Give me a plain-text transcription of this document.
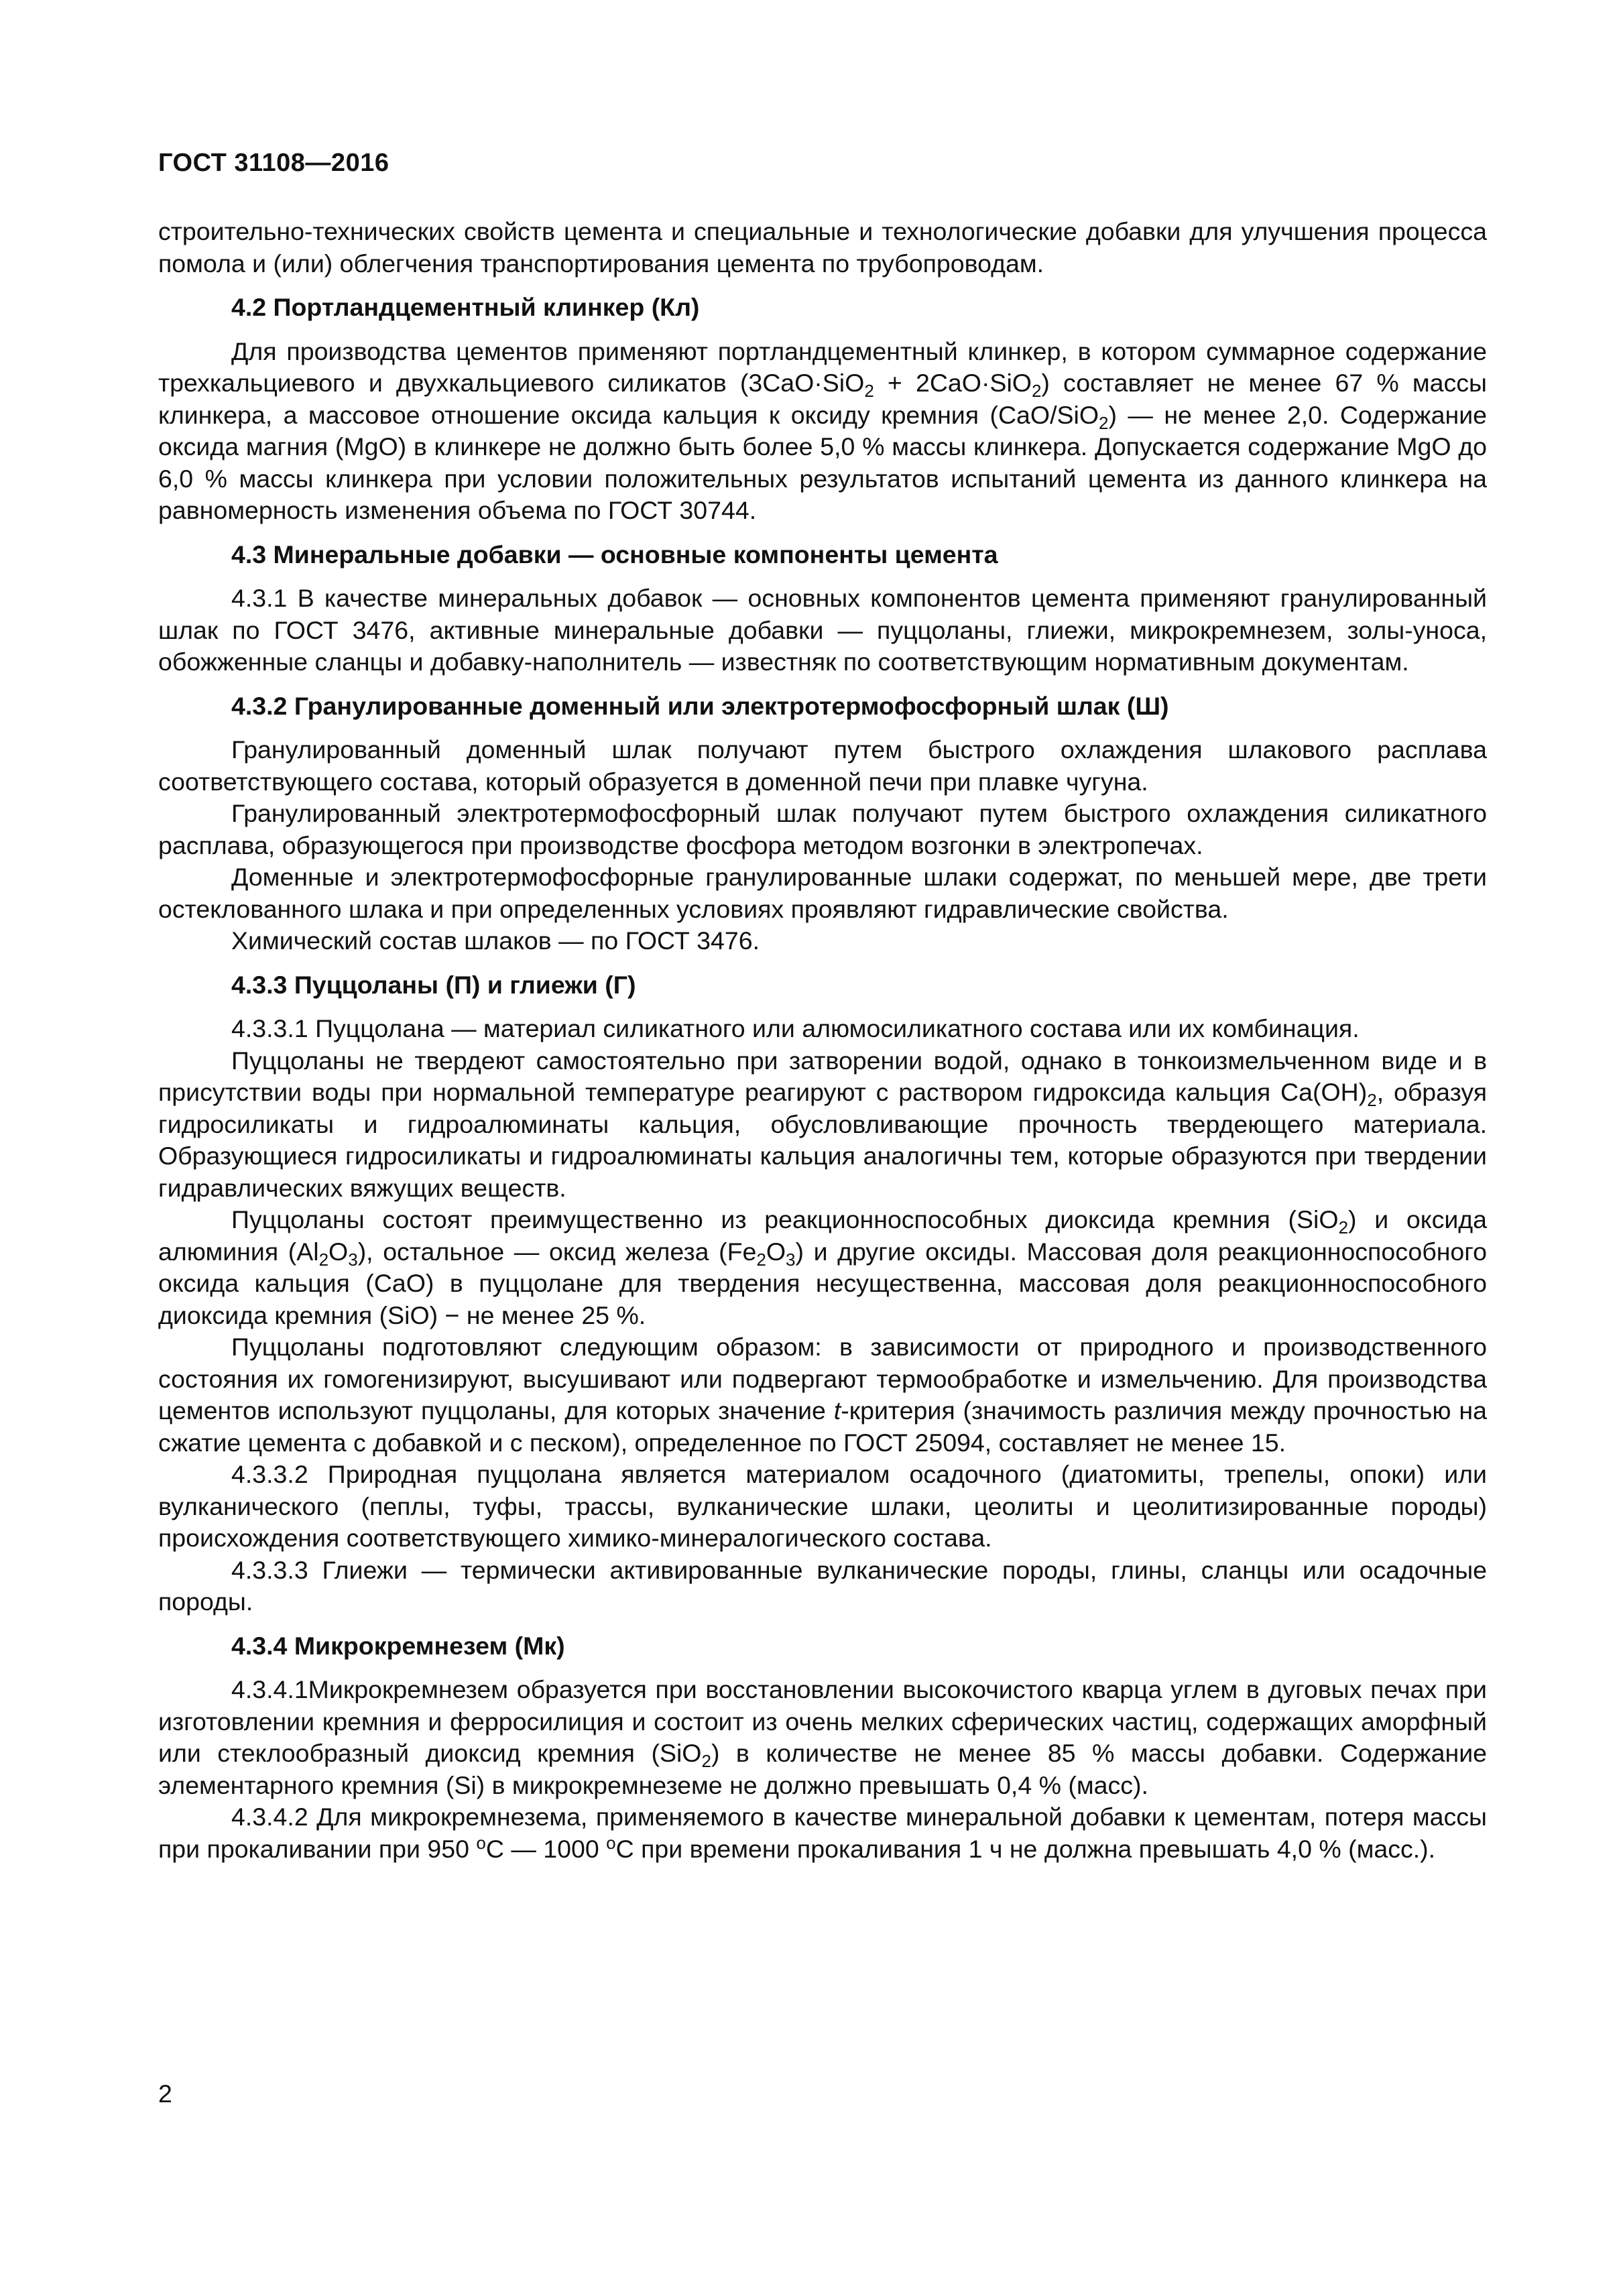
ГОСТ 31108—2016

строительно-технических свойств цемента и специальные и технологические добавки для улучшения процесса помола и (или) облегчения транспортирования цемента по трубопроводам.

4.2 Портландцементный клинкер (Кл)

Для производства цементов применяют портландцементный клинкер, в котором суммарное содержание трехкальциевого и двухкальциевого силикатов (3CaO·SiO$_2$ + 2CaO·SiO$_2$) составляет не менее 67 % массы клинкера, а массовое отношение оксида кальция к оксиду кремния (CaO/SiO$_2$) — не менее 2,0. Содержание оксида магния (MgO) в клинкере не должно быть более 5,0 % массы клинкера. Допускается содержание MgO до 6,0 % массы клинкера при условии положительных результатов испытаний цемента из данного клинкера на равномерность изменения объема по ГОСТ 30744.

4.3 Минеральные добавки — основные компоненты цемента

4.3.1 В качестве минеральных добавок — основных компонентов цемента применяют гранулированный шлак по ГОСТ 3476, активные минеральные добавки — пуццоланы, глиежи, микрокремнезем, золы-уноса, обожженные сланцы и добавку-наполнитель — известняк по соответствующим нормативным документам.

4.3.2 Гранулированные доменный или электротермофосфорный шлак (Ш)

Гранулированный доменный шлак получают путем быстрого охлаждения шлакового расплава соответствующего состава, который образуется в доменной печи при плавке чугуна.

Гранулированный электротермофосфорный шлак получают путем быстрого охлаждения силикатного расплава, образующегося при производстве фосфора методом возгонки в электропечах.

Доменные и электротермофосфорные гранулированные шлаки содержат, по меньшей мере, две трети остеклованного шлака и при определенных условиях проявляют гидравлические свойства.

Химический состав шлаков — по ГОСТ 3476.

4.3.3 Пуццоланы (П) и глиежи (Г)

4.3.3.1 Пуццолана — материал силикатного или алюмосиликатного состава или их комбинация.

Пуццоланы не твердеют самостоятельно при затворении водой, однако в тонкоизмельченном виде и в присутствии воды при нормальной температуре реагируют с раствором гидроксида кальция $Ca(OH)_2$, образуя гидросиликаты и гидроалюминаты кальция, обусловливающие прочность твердеющего материала. Образующиеся гидросиликаты и гидроалюминаты кальция аналогичны тем, которые образуются при твердении гидравлических вяжущих веществ.

Пуццоланы состоят преимущественно из реакционноспособных диоксида кремния (SiO$_2$) и оксида алюминия $(Al_2O_3)$, остальное — оксид железа $(Fe_2O_3)$ и другие оксиды. Массовая доля реакционноспособного оксида кальция (CaO) в пуццолане для твердения несущественна, массовая доля реакционноспособного диоксида кремния (SiO) − не менее 25 %.

Пуццоланы подготовляют следующим образом: в зависимости от природного и производственного состояния их гомогенизируют, высушивают или подвергают термообработке и измельчению. Для производства цементов используют пуццоланы, для которых значение t-критерия (значимость различия между прочностью на сжатие цемента с добавкой и с песком), определенное по ГОСТ 25094, составляет не менее 15.

4.3.3.2 Природная пуццолана является материалом осадочного (диатомиты, трепелы, опоки) или вулканического (пеплы, туфы, трассы, вулканические шлаки, цеолиты и цеолитизированные породы) происхождения соответствующего химико-минералогического состава.

4.3.3.3 Глиежи — термически активированные вулканические породы, глины, сланцы или осадочные породы.

4.3.4 Микрокремнезем (Мк)

4.3.4.1Микрокремнезем образуется при восстановлении высокочистого кварца углем в дуговых печах при изготовлении кремния и ферросилиция и состоит из очень мелких сферических частиц, содержащих аморфный или стеклообразный диоксид кремния (SiO$_2$) в количестве не менее 85 % массы добавки. Содержание элементарного кремния (Si) в микрокремнеземе не должно превышать 0,4 % (масс).

4.3.4.2 Для микрокремнезема, применяемого в качестве минеральной добавки к цементам, потеря массы при прокаливании при 950 $^o$С — 1000 $^o$С при времени прокаливания 1 ч не должна превышать 4,0 % (масс.).

2
